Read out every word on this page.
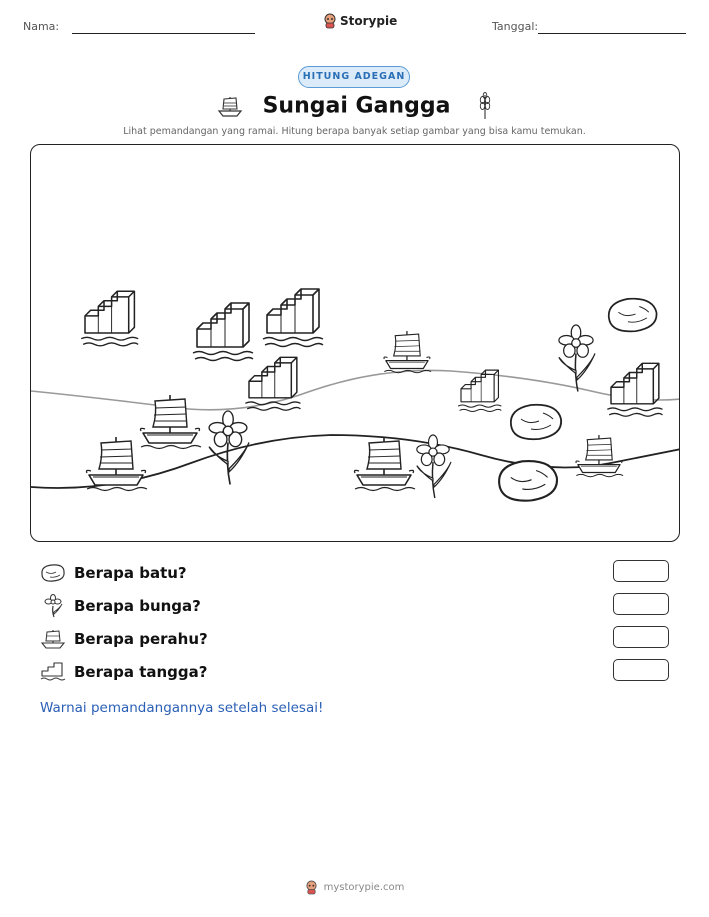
Nama:	Storypie	Tanggal:
HITUNG ADEGAN
Sungai Gangga
Lihat pemandangan yang ramai. Hitung berapa banyak setiap gambar yang bisa kamu temukan.
Berapa batu?
Berapa bunga?
Berapa perahu?
Berapa tangga?
Warnai pemandangannya setelah selesai!
mystorypie.com
